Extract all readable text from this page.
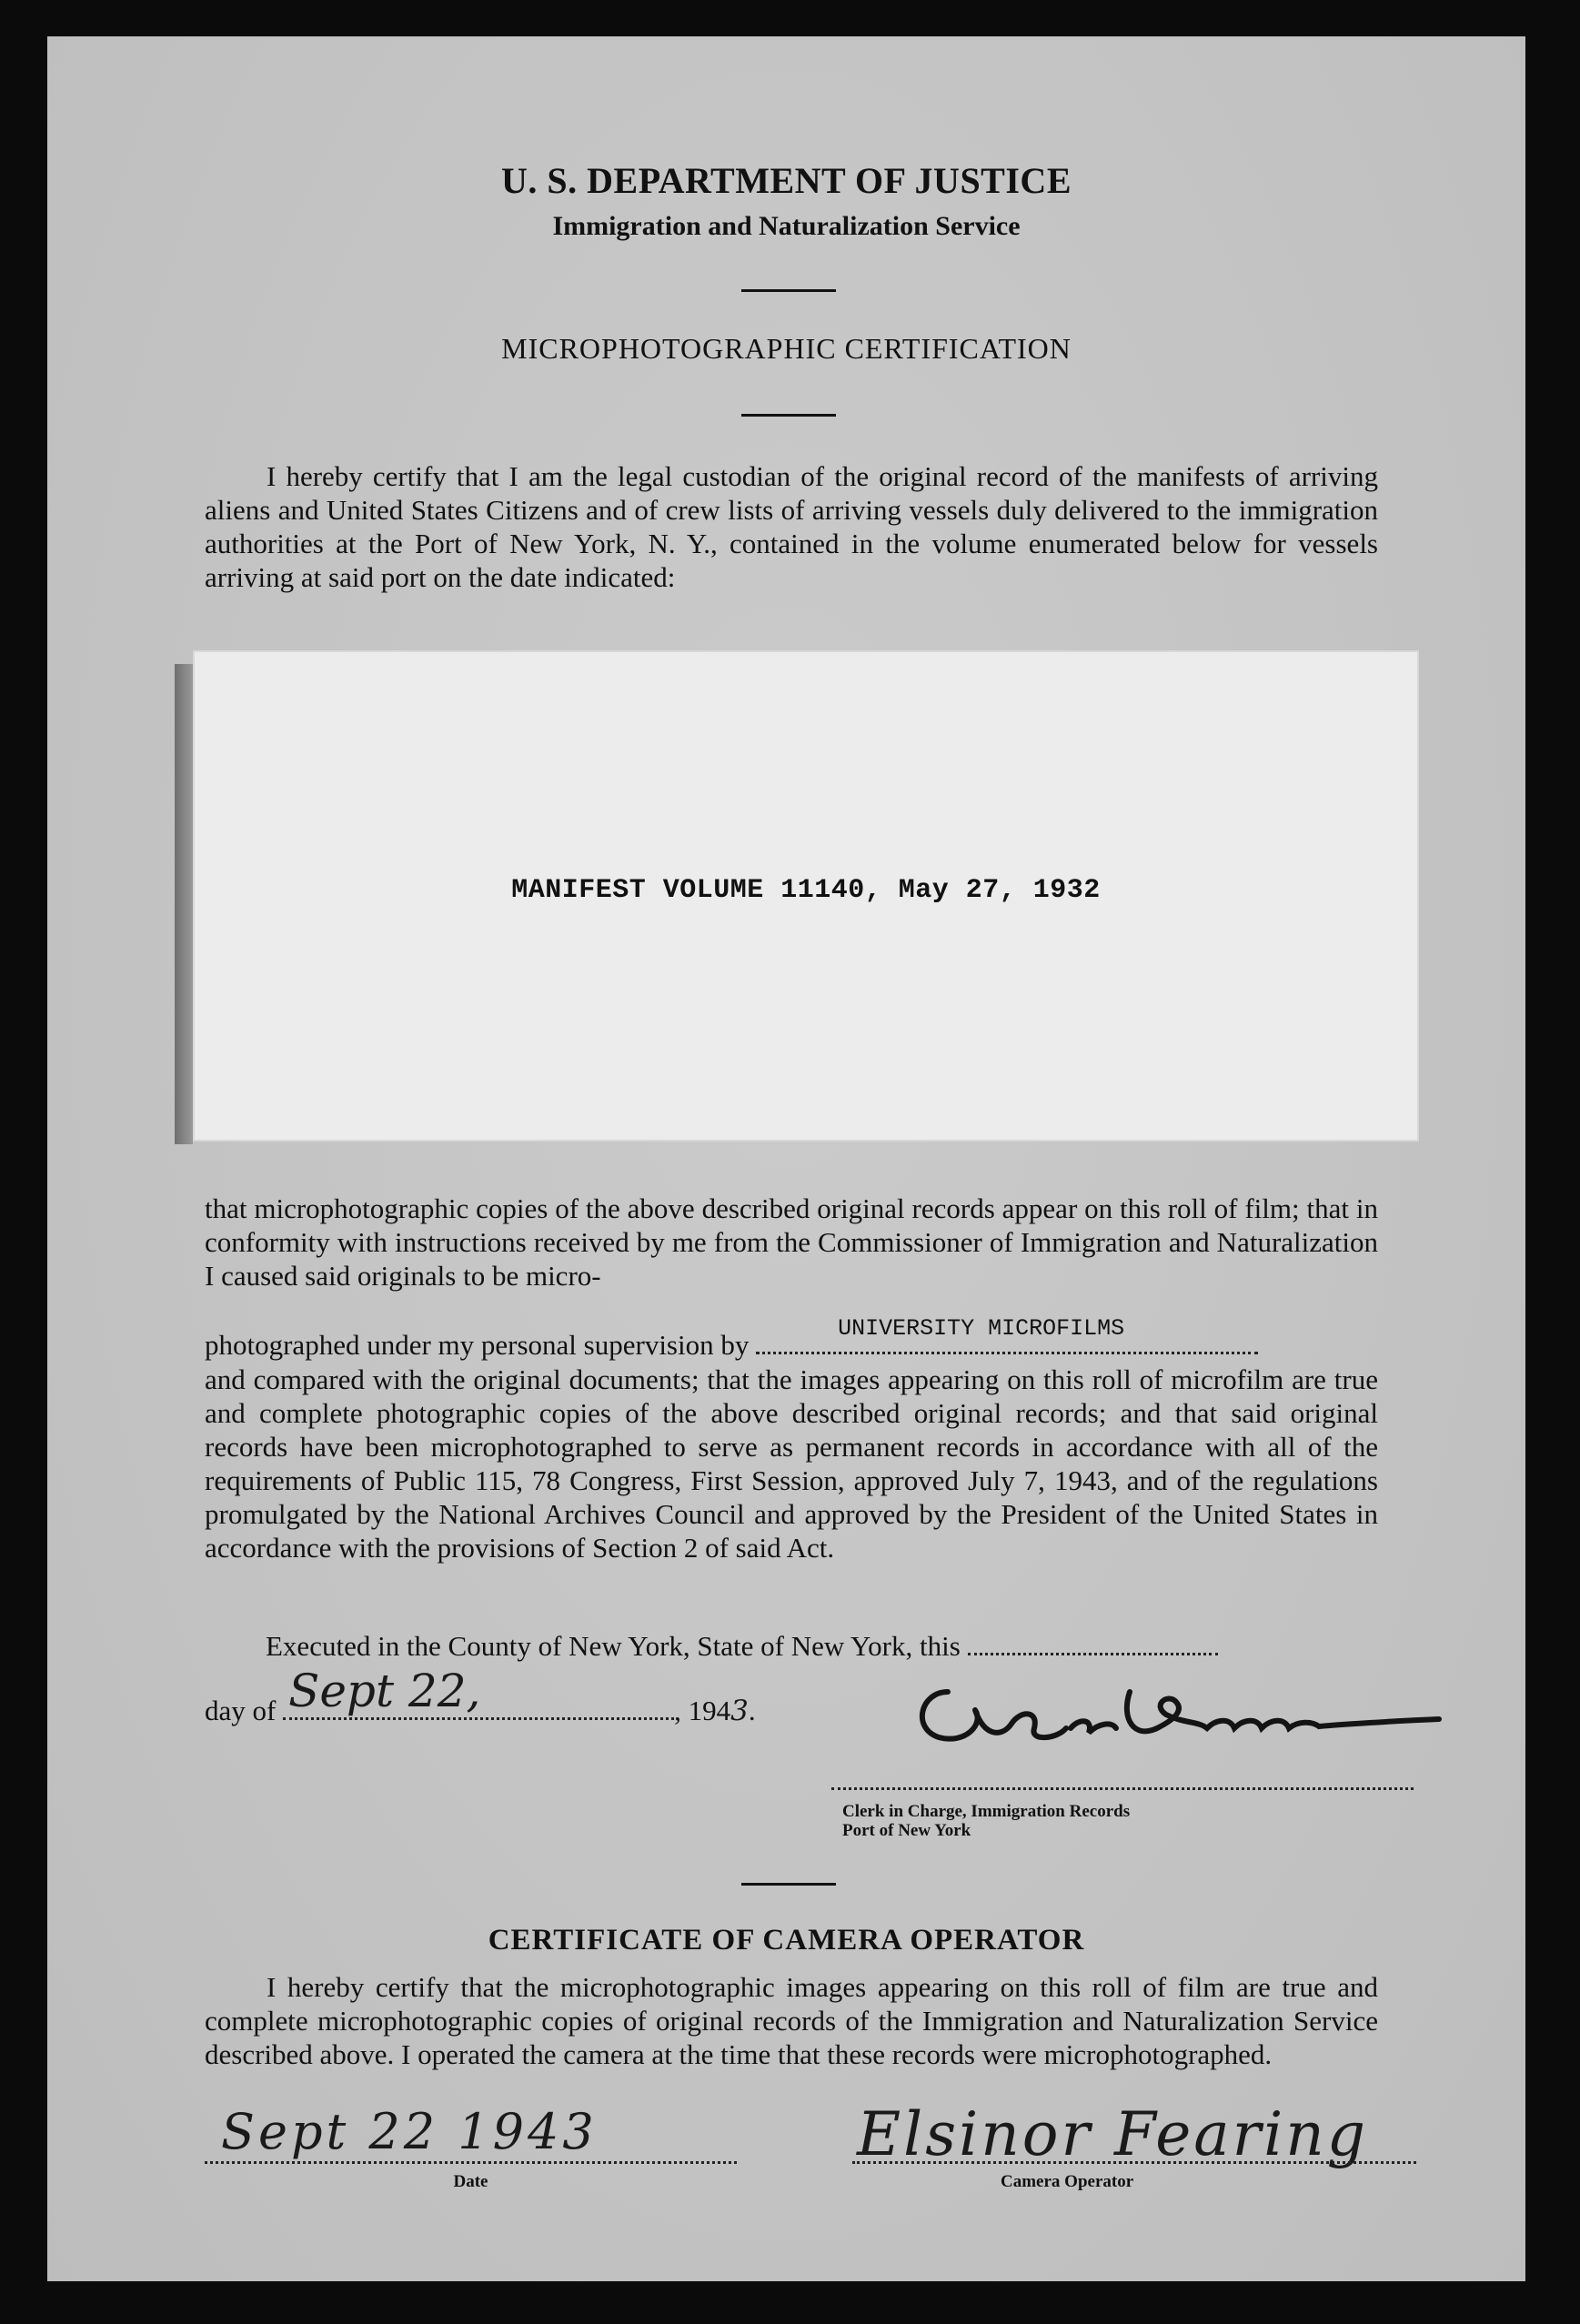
U. S. DEPARTMENT OF JUSTICE
Immigration and Naturalization Service
MICROPHOTOGRAPHIC CERTIFICATION
I hereby certify that I am the legal custodian of the original record of the manifests of arriving aliens and United States Citizens and of crew lists of arriving vessels duly delivered to the immigration authorities at the Port of New York, N. Y., contained in the volume enumerated below for vessels arriving at said port on the date indicated:
MANIFEST VOLUME 11140, May 27, 1932
that microphotographic copies of the above described original records appear on this roll of film; that in conformity with instructions received by me from the Commissioner of Immigration and Naturalization I caused said originals to be micro-
photographed under my personal supervision by
UNIVERSITY MICROFILMS
and compared with the original documents; that the images appearing on this roll of microfilm are true and complete photographic copies of the above described original records; and that said original records have been microphotographed to serve as permanent records in accordance with all of the requirements of Public 115, 78 Congress, First Session, approved July 7, 1943, and of the regulations promulgated by the National Archives Council and approved by the President of the United States in accordance with the provisions of Section 2 of said Act.
Executed in the County of New York, State of New York, this
day of Sept 22,	, 1943.
Clerk in Charge, Immigration Records
Port of New York
CERTIFICATE OF CAMERA OPERATOR
I hereby certify that the microphotographic images appearing on this roll of film are true and complete microphotographic copies of original records of the Immigration and Naturalization Service described above. I operated the camera at the time that these records were microphotographed.
Sept 22 1943
Date
Elsinor Fearing
Camera Operator
